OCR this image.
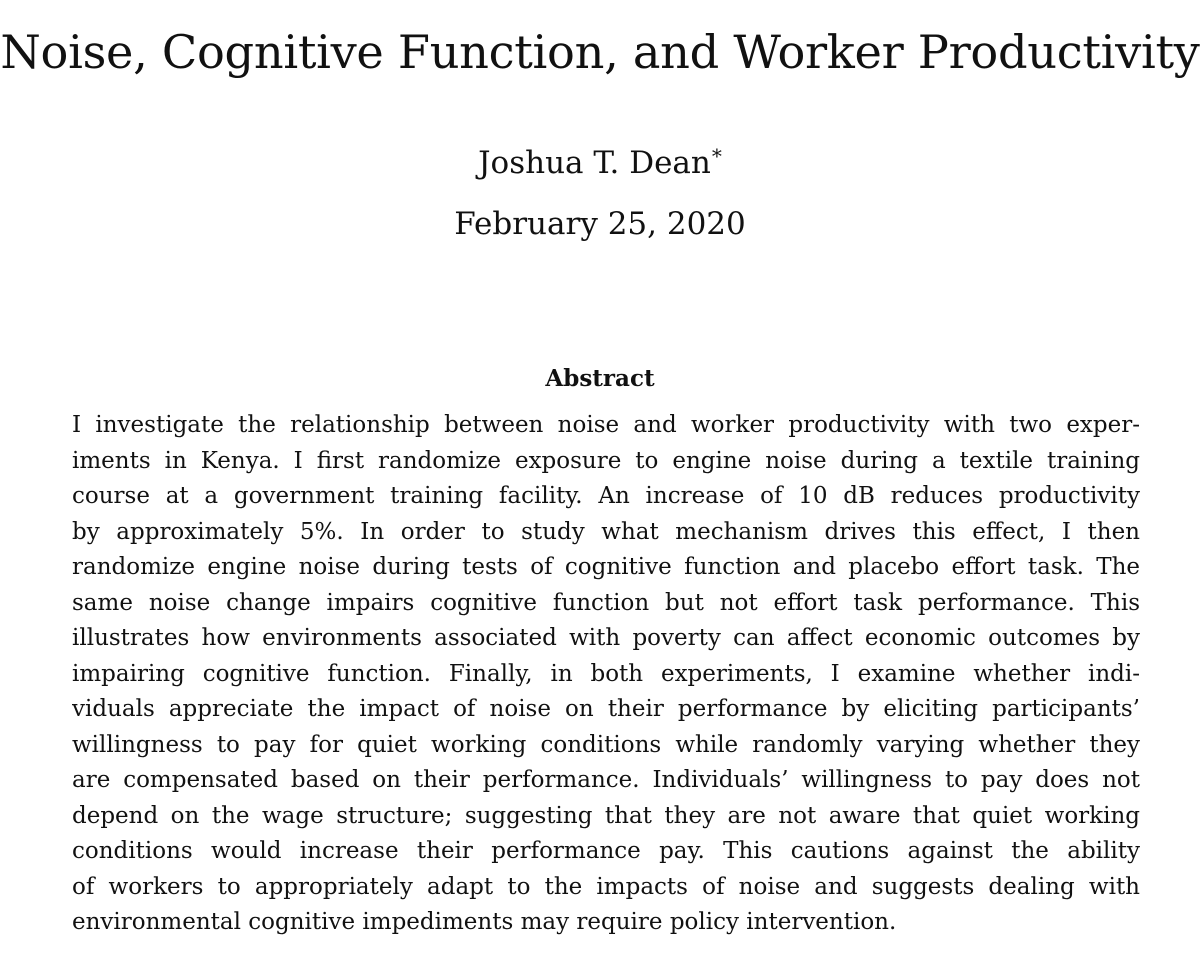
Noise, Cognitive Function, and Worker Productivity
Joshua T. Dean*
February 25, 2020
Abstract
I investigate the relationship between noise and worker productivity with two exper-
iments in Kenya. I first randomize exposure to engine noise during a textile training
course at a government training facility. An increase of 10 dB reduces productivity
by approximately 5%. In order to study what mechanism drives this effect, I then
randomize engine noise during tests of cognitive function and placebo effort task. The
same noise change impairs cognitive function but not effort task performance. This
illustrates how environments associated with poverty can affect economic outcomes by
impairing cognitive function. Finally, in both experiments, I examine whether indi-
viduals appreciate the impact of noise on their performance by eliciting participants’
willingness to pay for quiet working conditions while randomly varying whether they
are compensated based on their performance. Individuals’ willingness to pay does not
depend on the wage structure; suggesting that they are not aware that quiet working
conditions would increase their performance pay. This cautions against the ability
of workers to appropriately adapt to the impacts of noise and suggests dealing with
environmental cognitive impediments may require policy intervention.
